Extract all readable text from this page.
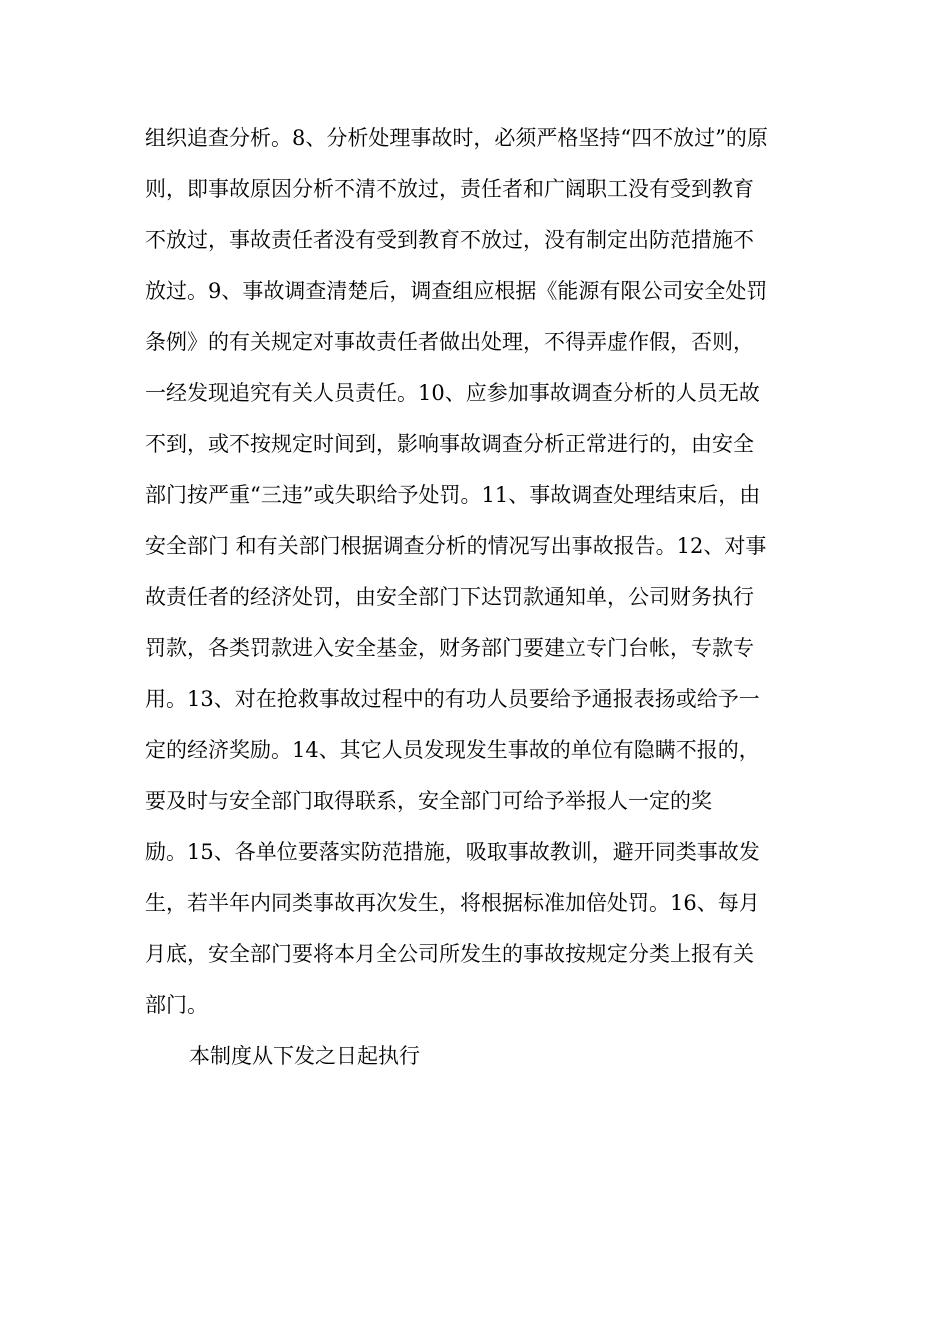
组织追查分析。8、分析处理事故时，必须严格坚持“四不放过”的原
则，即事故原因分析不清不放过，责任者和广阔职工没有受到教育
不放过，事故责任者没有受到教育不放过，没有制定出防范措施不
放过。9、事故调查清楚后，调查组应根据《能源有限公司安全处罚
条例》的有关规定对事故责任者做出处理，不得弄虚作假，否则，
一经发现追究有关人员责任。10、应参加事故调查分析的人员无故
不到，或不按规定时间到，影响事故调查分析正常进行的，由安全
部门按严重“三违”或失职给予处罚。11、事故调查处理结束后，由
安全部门 和有关部门根据调查分析的情况写出事故报告。12、对事
故责任者的经济处罚，由安全部门下达罚款通知单，公司财务执行
罚款，各类罚款进入安全基金，财务部门要建立专门台帐，专款专
用。13、对在抢救事故过程中的有功人员要给予通报表扬或给予一
定的经济奖励。14、其它人员发现发生事故的单位有隐瞒不报的，
要及时与安全部门取得联系，安全部门可给予举报人一定的奖
励。15、各单位要落实防范措施，吸取事故教训，避开同类事故发
生，若半年内同类事故再次发生，将根据标准加倍处罚。16、每月
月底，安全部门要将本月全公司所发生的事故按规定分类上报有关
部门。
本制度从下发之日起执行
